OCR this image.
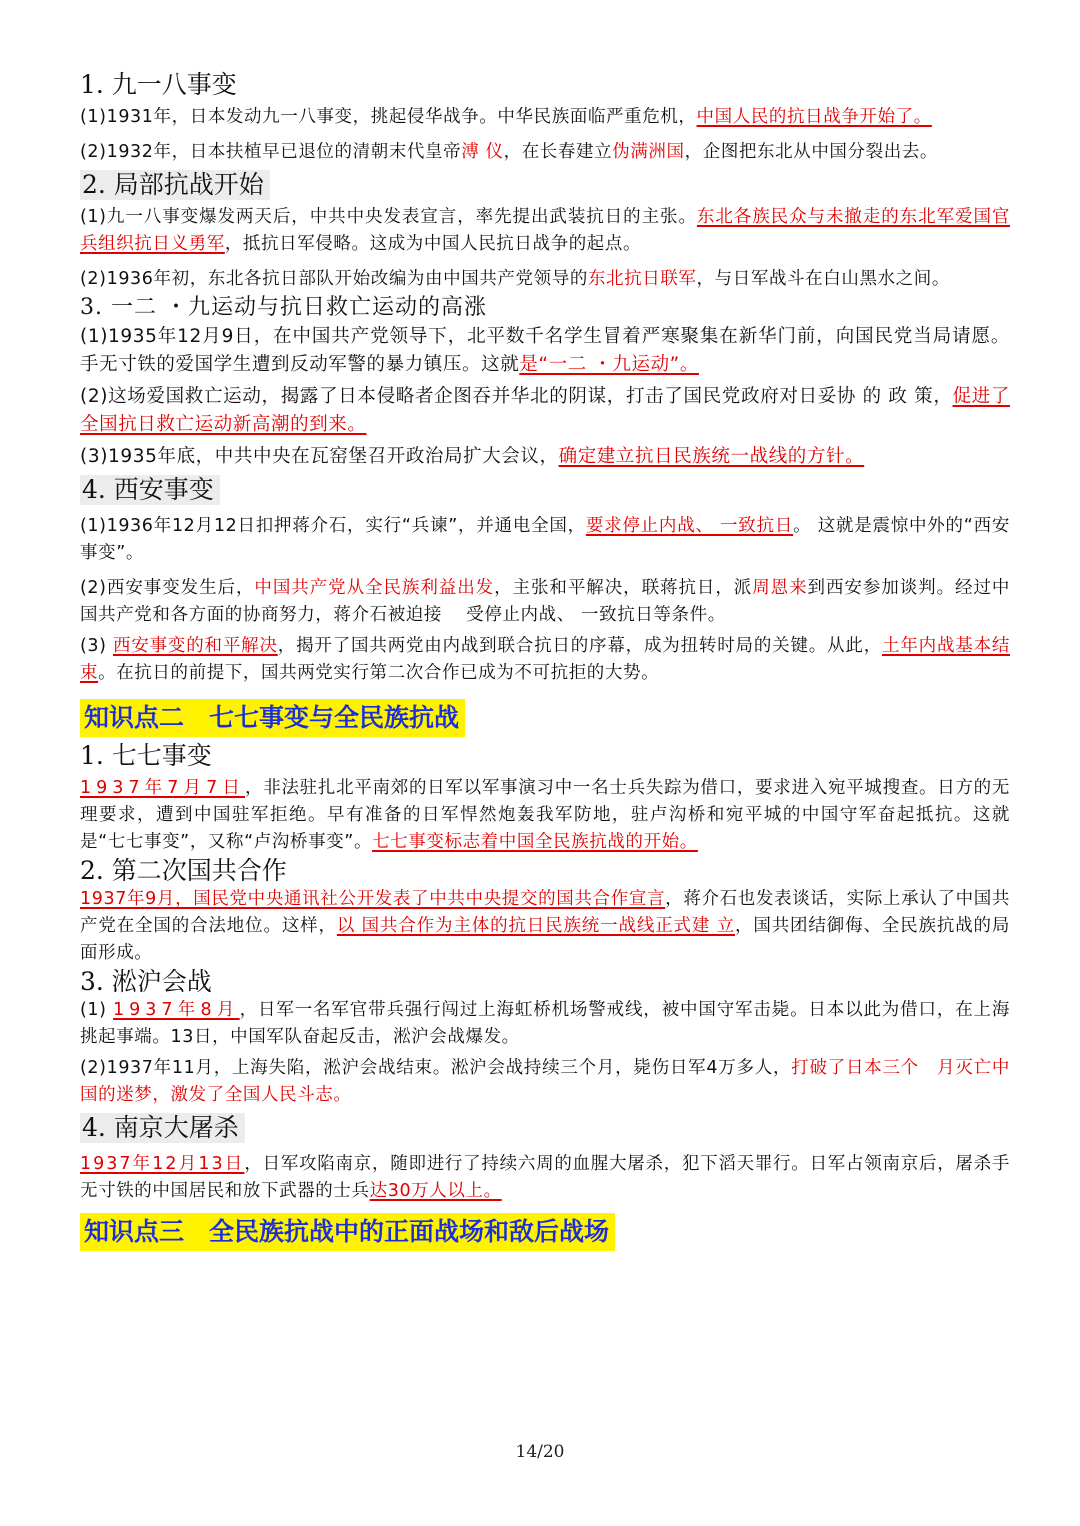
1. 九一八事变

(1)1931年，日本发动九一八事变，挑起侵华战争。中华民族面临严重危机，中国人民的抗日战争开始了。

(2)1932年，日本扶植早已退位的清朝末代皇帝溥 仪，在长春建立伪满洲国，企图把东北从中国分裂出去。

2. 局部抗战开始

(1)九一八事变爆发两天后，中共中央发表宣言，率先提出武装抗日的主张。东北各族民众与未撤走的东北军爱国官兵组织抗日义勇军，抵抗日军侵略。这成为中国人民抗日战争的起点。

(2)1936年初，东北各抗日部队开始改编为由中国共产党领导的东北抗日联军，与日军战斗在白山黑水之间。

3. 一二 ・九运动与抗日救亡运动的高涨

(1)1935年12月9日，在中国共产党领导下，北平数千名学生冒着严寒聚集在新华门前，向国民党当局请愿。手无寸铁的爱国学生遭到反动军警的暴力镇压。这就是“一二 ・九运动”。

(2)这场爱国救亡运动，揭露了日本侵略者企图吞并华北的阴谋，打击了国民党政府对日妥协 的 政 策，促进了全国抗日救亡运动新高潮的到来。

(3)1935年底，中共中央在瓦窑堡召开政治局扩大会议，确定建立抗日民族统一战线的方针。

4. 西安事变

(1)1936年12月12日扣押蒋介石，实行“兵谏”，并通电全国，要求停止内战、 一致抗日。 这就是震惊中外的“西安事变”。

(2)西安事变发生后，中国共产党从全民族利益出发，主张和平解决，联蒋抗日，派周恩来到西安参加谈判。经过中国共产党和各方面的协商努力，蒋介石被迫接　 受停止内战、 一致抗日等条件。

(3) 西安事变的和平解决，揭开了国共两党由内战到联合抗日的序幕，成为扭转时局的关键。从此，土年内战基本结束。在抗日的前提下，国共两党实行第二次合作已成为不可抗拒的大势。

知识点二　七七事变与全民族抗战
1. 七七事变

1937年7月7日，非法驻扎北平南郊的日军以军事演习中一名士兵失踪为借口，要求进入宛平城搜查。日方的无理要求，遭到中国驻军拒绝。早有准备的日军悍然炮轰我军防地，驻卢沟桥和宛平城的中国守军奋起抵抗。这就是“七七事变”，又称“卢沟桥事变”。七七事变标志着中国全民族抗战的开始。

2. 第二次国共合作

1937年9月，国民党中央通讯社公开发表了中共中央提交的国共合作宣言，蒋介石也发表谈话，实际上承认了中国共产党在全国的合法地位。这样，以 国共合作为主体的抗日民族统一战线正式建 立，国共团结御侮、全民族抗战的局面形成。

3. 淞沪会战

(1) 1937年8月，日军一名军官带兵强行闯过上海虹桥机场警戒线，被中国守军击毙。日本以此为借口，在上海挑起事端。13日，中国军队奋起反击，淞沪会战爆发。

(2)1937年11月，上海失陷，淞沪会战结束。淞沪会战持续三个月，毙伤日军4万多人，打破了日本三个　月灭亡中国的迷梦，激发了全国人民斗志。

4. 南京大屠杀

1937年12月13日，日军攻陷南京，随即进行了持续六周的血腥大屠杀，犯下滔天罪行。日军占领南京后，屠杀手无寸铁的中国居民和放下武器的士兵达30万人以上。

知识点三　全民族抗战中的正面战场和敌后战场
14/20
